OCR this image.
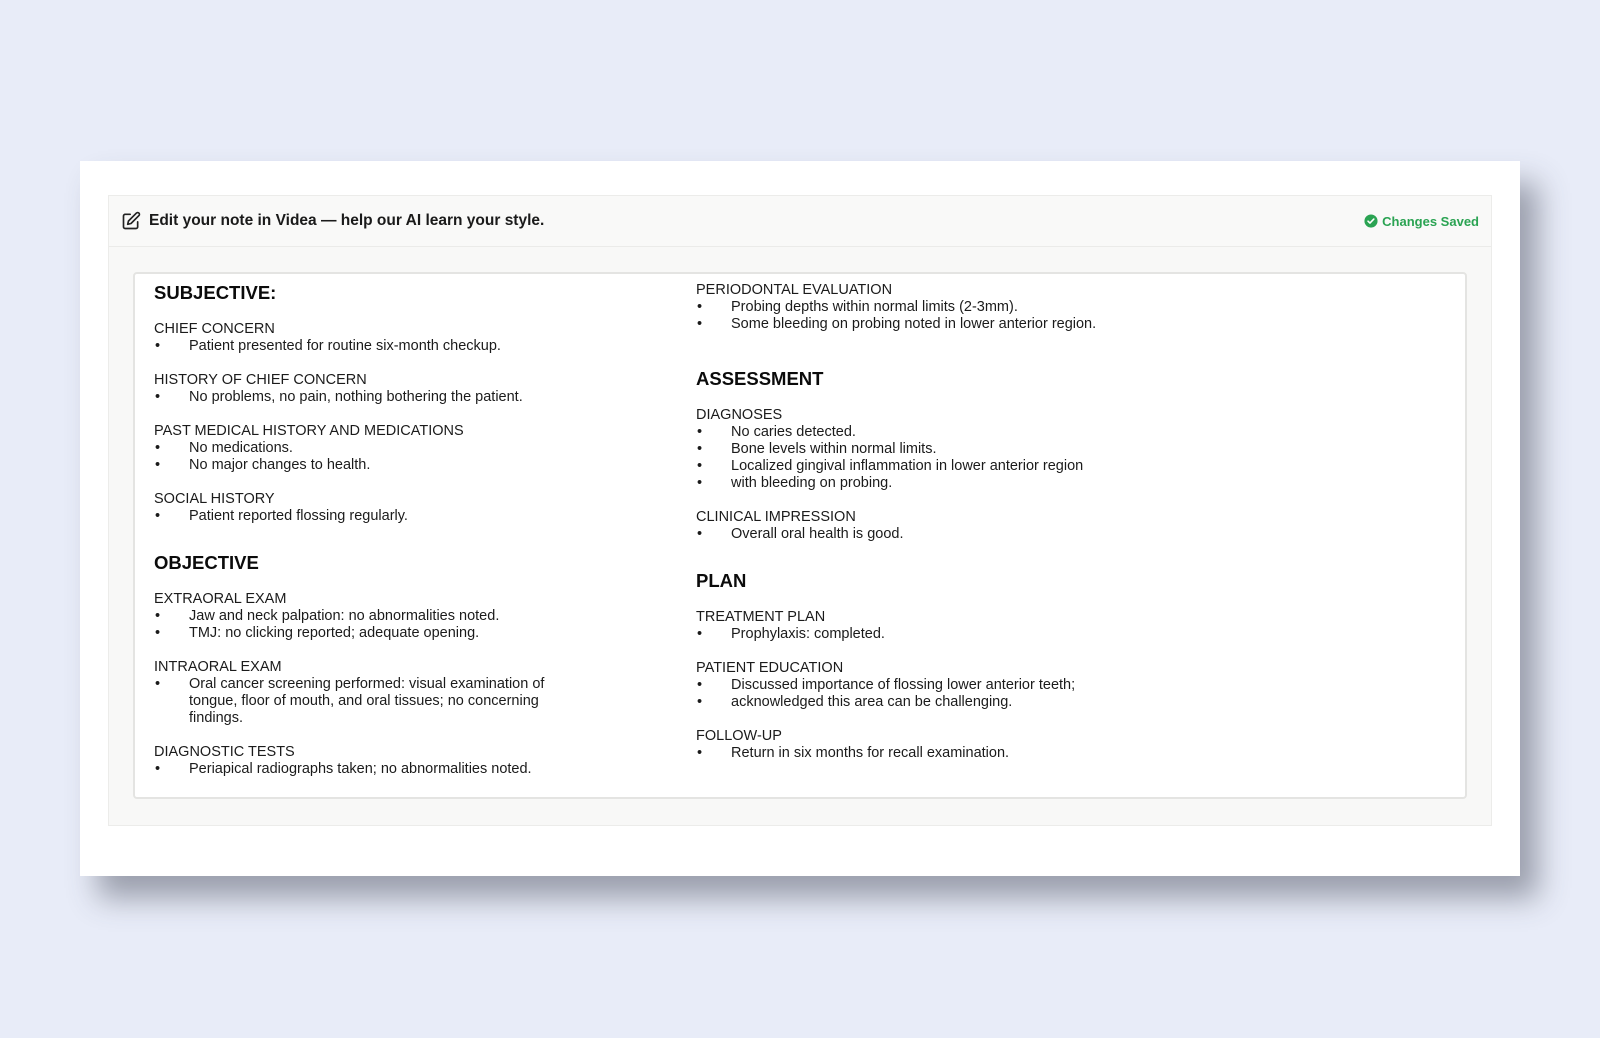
Edit your note in Videa — help our AI learn your style.	Changes Saved
SUBJECTIVE:
CHIEF CONCERN
• Patient presented for routine six-month checkup.
HISTORY OF CHIEF CONCERN
• No problems, no pain, nothing bothering the patient.
PAST MEDICAL HISTORY AND MEDICATIONS
• No medications.
• No major changes to health.
SOCIAL HISTORY
• Patient reported flossing regularly.
OBJECTIVE
EXTRAORAL EXAM
• Jaw and neck palpation: no abnormalities noted.
• TMJ: no clicking reported; adequate opening.
INTRAORAL EXAM
• Oral cancer screening performed: visual examination of tongue, floor of mouth, and oral tissues; no concerning findings.
DIAGNOSTIC TESTS
• Periapical radiographs taken; no abnormalities noted.
PERIODONTAL EVALUATION
• Probing depths within normal limits (2-3mm).
• Some bleeding on probing noted in lower anterior region.
ASSESSMENT
DIAGNOSES
• No caries detected.
• Bone levels within normal limits.
• Localized gingival inflammation in lower anterior region
• with bleeding on probing.
CLINICAL IMPRESSION
• Overall oral health is good.
PLAN
TREATMENT PLAN
• Prophylaxis: completed.
PATIENT EDUCATION
• Discussed importance of flossing lower anterior teeth;
• acknowledged this area can be challenging.
FOLLOW-UP
• Return in six months for recall examination.
